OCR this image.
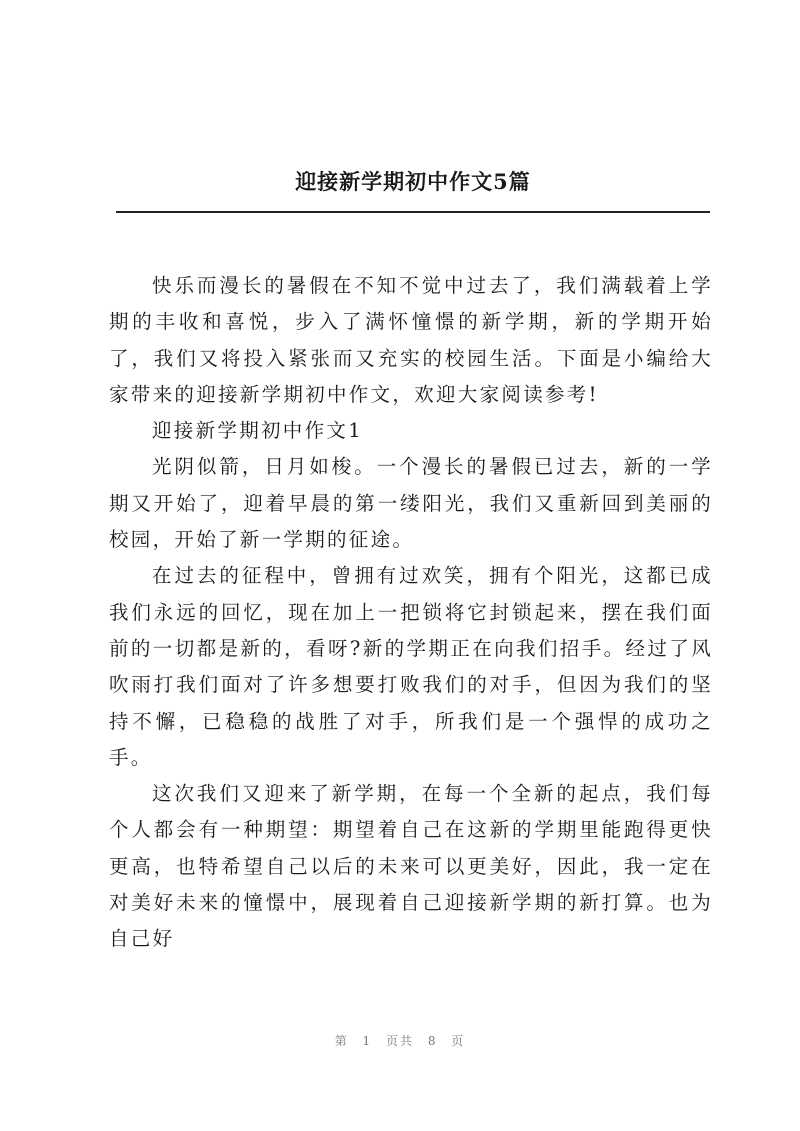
迎接新学期初中作文5篇

快乐而漫长的暑假在不知不觉中过去了，我们满载着上学期的丰收和喜悦，步入了满怀憧憬的新学期，新的学期开始了，我们又将投入紧张而又充实的校园生活。下面是小编给大家带来的迎接新学期初中作文，欢迎大家阅读参考!

迎接新学期初中作文1

光阴似箭，日月如梭。一个漫长的暑假已过去，新的一学期又开始了，迎着早晨的第一缕阳光，我们又重新回到美丽的校园，开始了新一学期的征途。

在过去的征程中，曾拥有过欢笑，拥有个阳光，这都已成我们永远的回忆，现在加上一把锁将它封锁起来，摆在我们面前的一切都是新的，看呀?新的学期正在向我们招手。经过了风吹雨打我们面对了许多想要打败我们的对手，但因为我们的坚持不懈，已稳稳的战胜了对手，所我们是一个强悍的成功之手。

这次我们又迎来了新学期，在每一个全新的起点，我们每个人都会有一种期望：期望着自己在这新的学期里能跑得更快更高，也特希望自己以后的未来可以更美好，因此，我一定在对美好未来的憧憬中，展现着自己迎接新学期的新打算。也为自己好

第 1 页共 8 页
